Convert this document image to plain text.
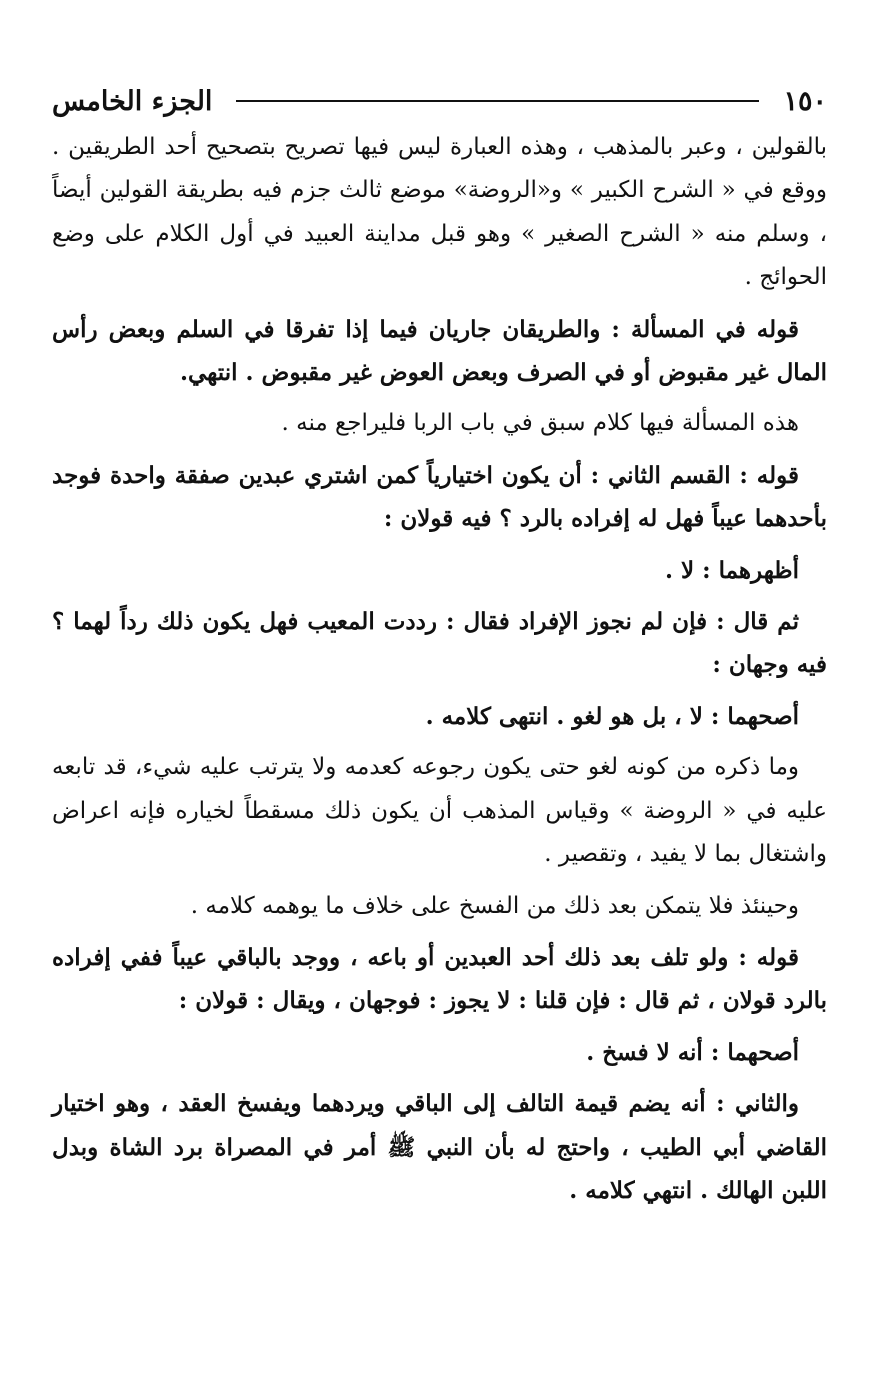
١٥٠
الجزء الخامس

بالقولين ، وعبر بالمذهب ، وهذه العبارة ليس فيها تصريح بتصحيح أحد الطريقين . ووقع في « الشرح الكبير » و«الروضة» موضع ثالث جزم فيه بطريقة القولين أيضاً ، وسلم منه « الشرح الصغير » وهو قبل مداينة العبيد في أول الكلام على وضع الحوائج .

قوله في المسألة : والطريقان جاريان فيما إذا تفرقا في السلم وبعض رأس المال غير مقبوض أو في الصرف وبعض العوض غير مقبوض . انتهي.

هذه المسألة فيها كلام سبق في باب الربا فليراجع منه .

قوله : القسم الثاني : أن يكون اختيارياً كمن اشتري عبدين صفقة واحدة فوجد بأحدهما عيباً فهل له إفراده بالرد ؟ فيه قولان :

أظهرهما : لا .

ثم قال : فإن لم نجوز الإفراد فقال : رددت المعيب فهل يكون ذلك رداً لهما ؟ فيه وجهان :

أصحهما : لا ، بل هو لغو . انتهى كلامه .

وما ذكره من كونه لغو حتى يكون رجوعه كعدمه ولا يترتب عليه شيء، قد تابعه عليه في « الروضة » وقياس المذهب أن يكون ذلك مسقطاً لخياره فإنه اعراض واشتغال بما لا يفيد ، وتقصير .

وحينئذ فلا يتمكن بعد ذلك من الفسخ على خلاف ما يوهمه كلامه .

قوله : ولو تلف بعد ذلك أحد العبدين أو باعه ، ووجد بالباقي عيباً ففي إفراده بالرد قولان ، ثم قال : فإن قلنا : لا يجوز : فوجهان ، ويقال : قولان :

أصحهما : أنه لا فسخ .

والثاني : أنه يضم قيمة التالف إلى الباقي ويردهما ويفسخ العقد ، وهو اختيار القاضي أبي الطيب ، واحتج له بأن النبي ﷺ أمر في المصراة برد الشاة وبدل اللبن الهالك . انتهي كلامه .
